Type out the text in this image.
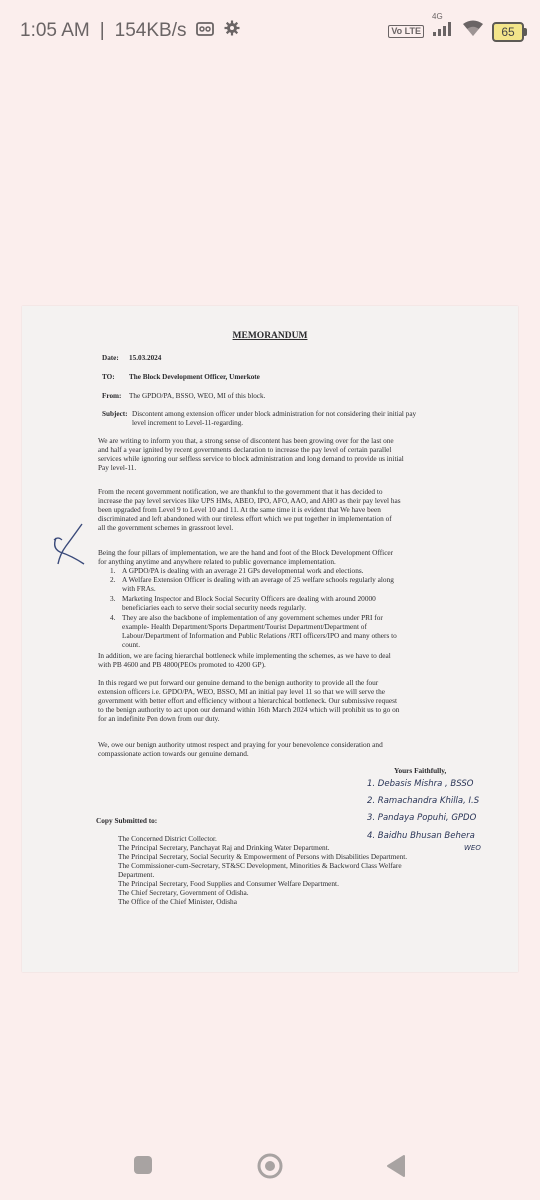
1:05 AM | 154KB/s	Vo LTE
4G
65
MEMORANDUM
Date: 15.03.2024
TO: The Block Development Officer, Umerkote
From: The GPDO/PA, BSSO, WEO, MI of this block.
Subject: Discontent among extension officer under block administration for not considering their initial pay
level increment to Level-11-regarding.
We are writing to inform you that, a strong sense of discontent has been growing over for the last one
and half a year ignited by recent governments declaration to increase the pay level of certain parallel
services while ignoring our selfless service to block administration and long demand to provide us initial
Pay level-11.
From the recent government notification, we are thankful to the government that it has decided to
increase the pay level services like UPS HMs, ABEO, IPO, AFO, AAO, and AHO as their pay level has
been upgraded from Level 9 to Level 10 and 11. At the same time it is evident that We have been
discriminated and left abandoned with our tireless effort which we put together in implementation of
all the government schemes in grassroot level.
Being the four pillars of implementation, we are the hand and foot of the Block Development Officer
for anything anytime and anywhere related to public governance implementation.
1. A GPDO/PA is dealing with an average 21 GPs developmental work and elections.
2. A Welfare Extension Officer is dealing with an average of 25 welfare schools regularly along
with FRAs.
3. Marketing Inspector and Block Social Security Officers are dealing with around 20000
beneficiaries each to serve their social security needs regularly.
4. They are also the backbone of implementation of any government schemes under PRI for
example- Health Department/Sports Department/Tourist Department/Department of
Labour/Department of Information and Public Relations /RTI officers/IPO and many others to
count.
In addition, we are facing hierarchal bottleneck while implementing the schemes, as we have to deal
with PB 4600 and PB 4800(PEOs promoted to 4200 GP).
In this regard we put forward our genuine demand to the benign authority to provide all the four
extension officers i.e. GPDO/PA, WEO, BSSO, MI an initial pay level 11 so that we will serve the
government with better effort and efficiency without a hierarchical bottleneck. Our submissive request
to the benign authority to act upon our demand within 16th March 2024 which will prohibit us to go on
for an indefinite Pen down from our duty.
We, owe our benign authority utmost respect and praying for your benevolence consideration and
compassionate action towards our genuine demand.
Yours Faithfully,
1. Debasis Mishra , BSSO
2. Ramachandra Khilla, I.S
3. Pandaya Popuhi, GPDO
4. Baidhu Bhusan Behera
WEO
Copy Submitted to:
The Concerned District Collector.
The Principal Secretary, Panchayat Raj and Drinking Water Department.
The Principal Secretary, Social Security & Empowerment of Persons with Disabilities Department.
The Commissioner-cum-Secretary, ST&SC Development, Minorities & Backword Class Welfare
Department.
The Principal Secretary, Food Supplies and Consumer Welfare Department.
The Chief Secretary, Government of Odisha.
The Office of the Chief Minister, Odisha
